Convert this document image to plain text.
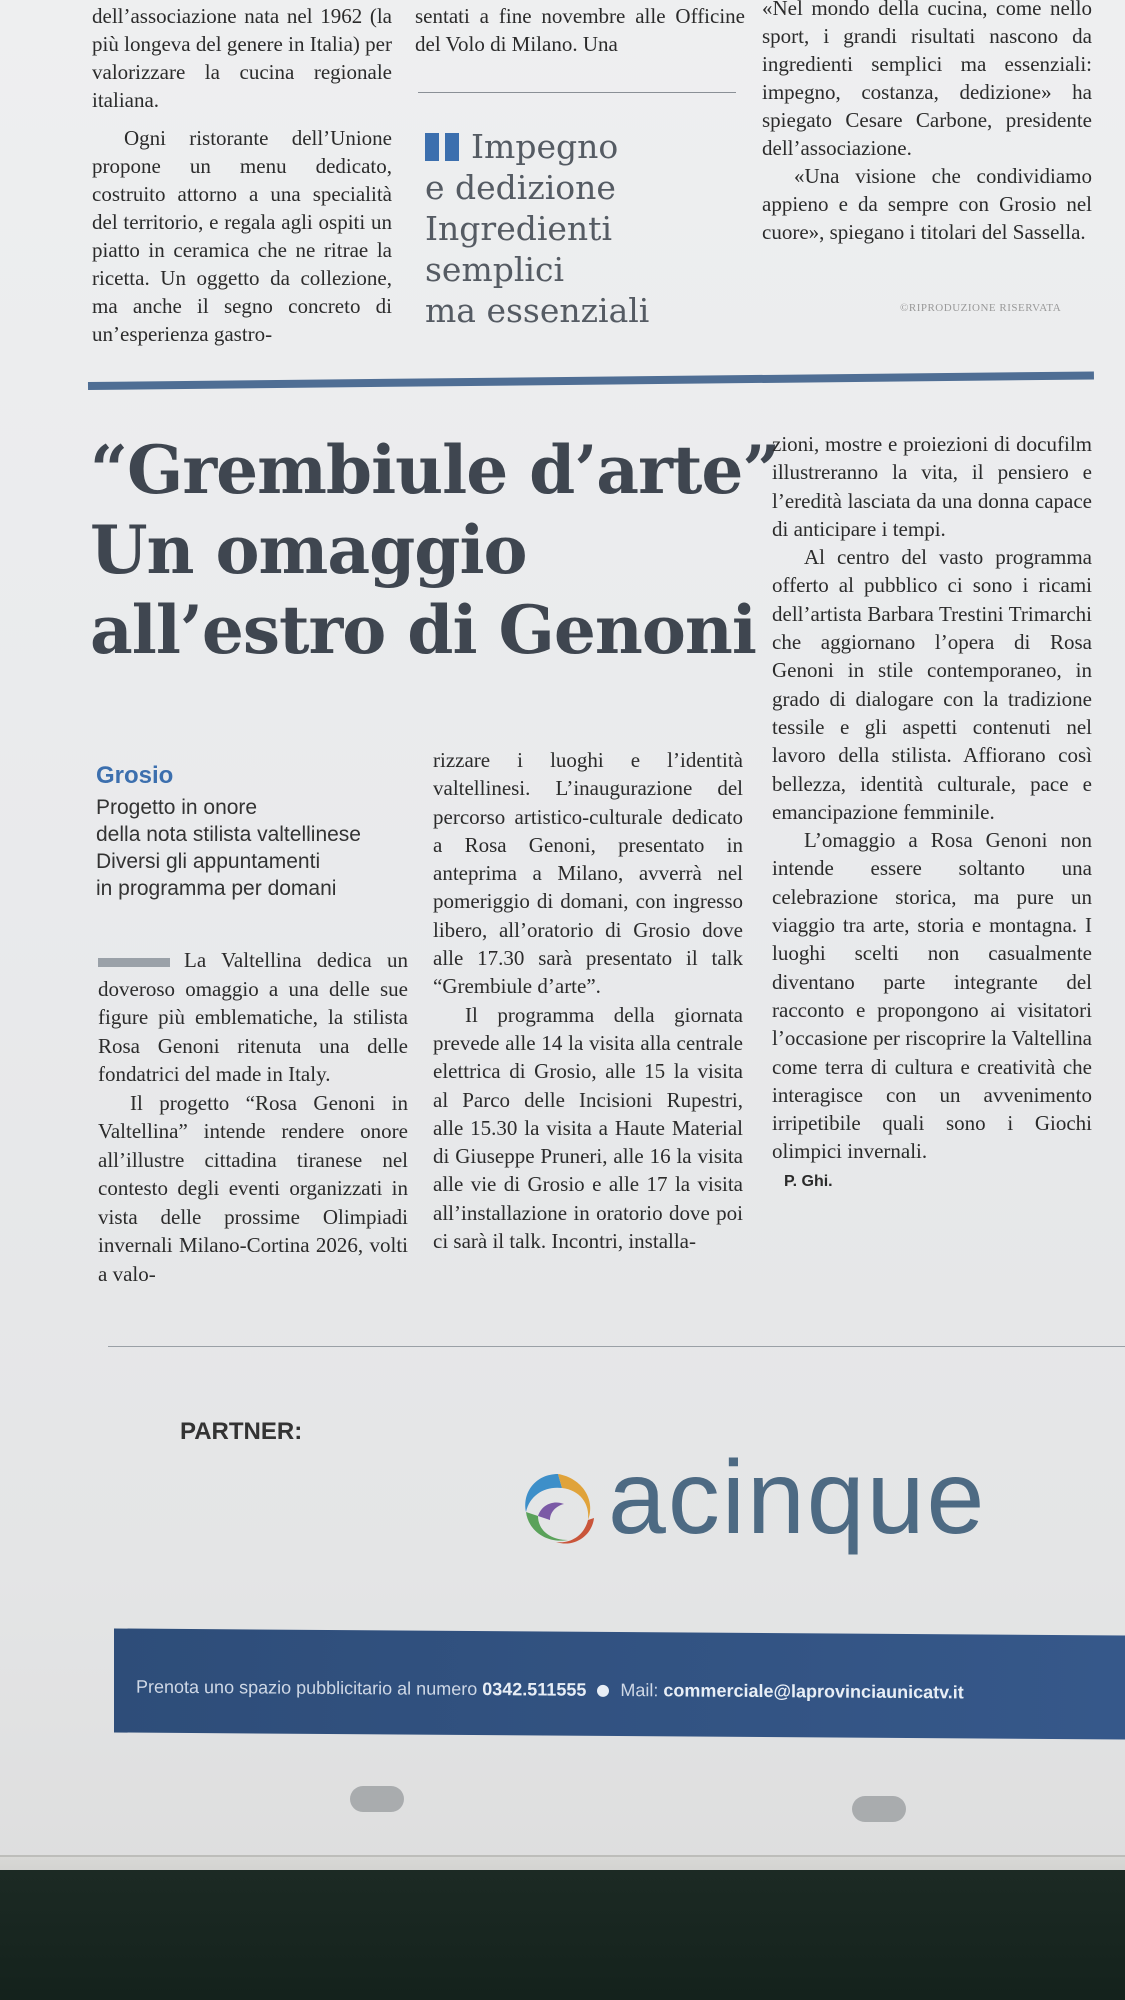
dell’associazione nata nel 1962 (la più longeva del genere in Italia) per valorizzare la cucina regionale italiana.

Ogni ristorante dell’Unione propone un menu dedicato, costruito attorno a una specialità del territorio, e regala agli ospiti un piatto in ceramica che ne ritrae la ricetta. Un oggetto da collezione, ma anche il segno concreto di un’esperienza gastro-

sentati a fine novembre alle Officine del Volo di Milano. Una

Impegno
e dedizione
Ingredienti
semplici
ma essenziali

«Nel mondo della cucina, come nello sport, i grandi risultati nascono da ingredienti semplici ma essenziali: impegno, costanza, dedizione» ha spiegato Cesare Carbone, presidente dell’associazione.

«Una visione che condividiamo appieno e da sempre con Grosio nel cuore», spiegano i titolari del Sassella.

©RIPRODUZIONE RISERVATA
“Grembiule d’arte”
Un omaggio
all’estro di Genoni
Grosio
Progetto in onore
della nota stilista valtellinese
Diversi gli appuntamenti
in programma per domani

La Valtellina dedica un doveroso omaggio a una delle sue figure più emblematiche, la stilista Rosa Genoni ritenuta una delle fondatrici del made in Italy.

Il progetto “Rosa Genoni in Valtellina” intende rendere onore all’illustre cittadina tiranese nel contesto degli eventi organizzati in vista delle prossime Olimpiadi invernali Milano-Cortina 2026, volti a valo-

rizzare i luoghi e l’identità valtellinesi. L’inaugurazione del percorso artistico-culturale dedicato a Rosa Genoni, presentato in anteprima a Milano, avverrà nel pomeriggio di domani, con ingresso libero, all’oratorio di Grosio dove alle 17.30 sarà presentato il talk “Grembiule d’arte”.

Il programma della giornata prevede alle 14 la visita alla centrale elettrica di Grosio, alle 15 la visita al Parco delle Incisioni Rupestri, alle 15.30 la visita a Haute Material di Giuseppe Pruneri, alle 16 la visita alle vie di Grosio e alle 17 la visita all’installazione in oratorio dove poi ci sarà il talk. Incontri, installa-

zioni, mostre e proiezioni di docufilm illustreranno la vita, il pensiero e l’eredità lasciata da una donna capace di anticipare i tempi.

Al centro del vasto programma offerto al pubblico ci sono i ricami dell’artista Barbara Trestini Trimarchi che aggiornano l’opera di Rosa Genoni in stile contemporaneo, in grado di dialogare con la tradizione tessile e gli aspetti contenuti nel lavoro della stilista. Affiorano così bellezza, identità culturale, pace e emancipazione femminile.

L’omaggio a Rosa Genoni non intende essere soltanto una celebrazione storica, ma pure un viaggio tra arte, storia e montagna. I luoghi scelti non casualmente diventano parte integrante del racconto e propongono ai visitatori l’occasione per riscoprire la Valtellina come terra di cultura e creatività che interagisce con un avvenimento irripetibile quali sono i Giochi olimpici invernali.

P. Ghi.
PARTNER:
acinque
Prenota uno spazio pubblicitario al numero 0342.511555 Mail: commerciale@laprovinciaunicatv.it
